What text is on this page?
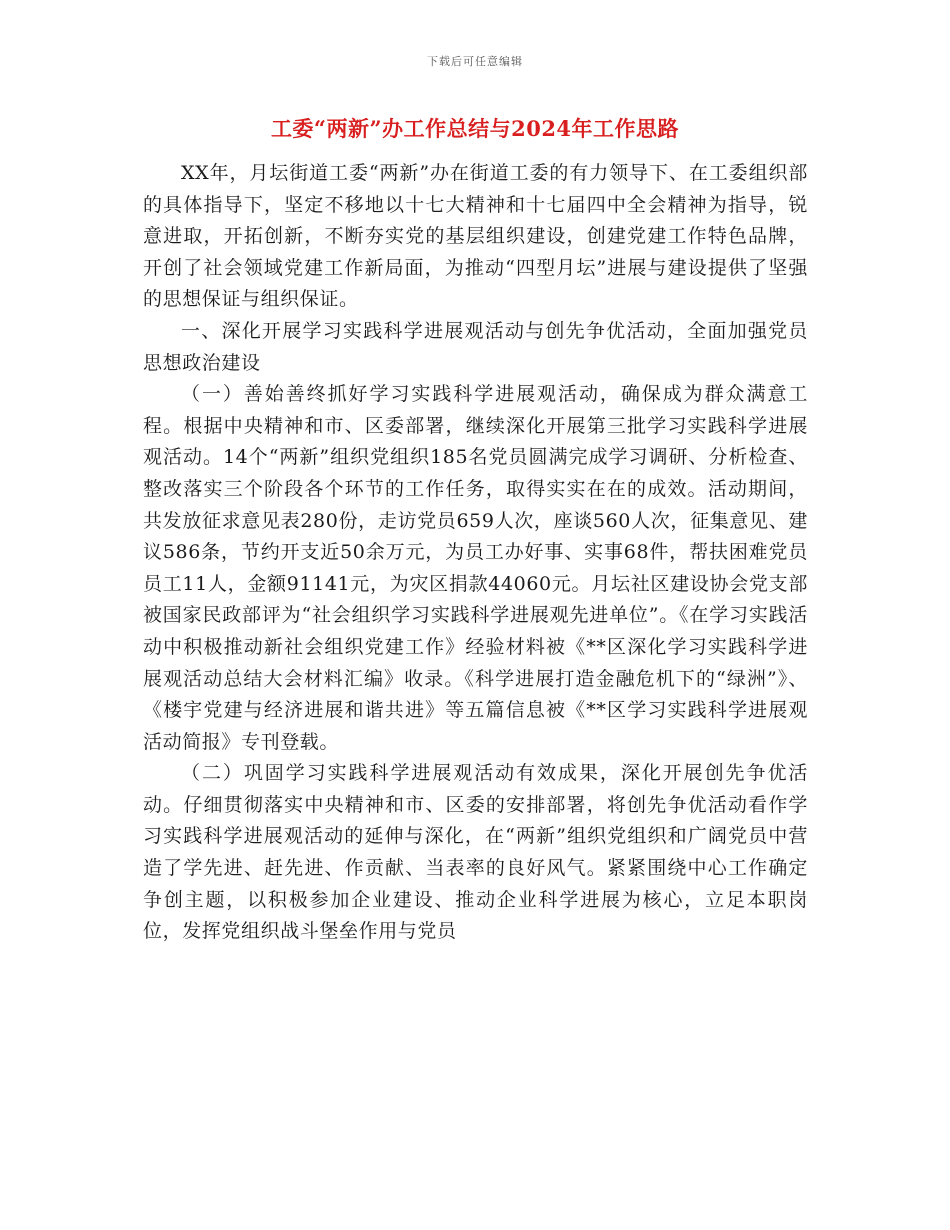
下载后可任意编辑
工委“两新”办工作总结与2024年工作思路

XX年，月坛街道工委“两新”办在街道工委的有力领导下、在工委组织部的具体指导下，坚定不移地以十七大精神和十七届四中全会精神为指导，锐意进取，开拓创新，不断夯实党的基层组织建设，创建党建工作特色品牌，开创了社会领域党建工作新局面，为推动“四型月坛”进展与建设提供了坚强的思想保证与组织保证。

一、深化开展学习实践科学进展观活动与创先争优活动，全面加强党员思想政治建设

（一）善始善终抓好学习实践科学进展观活动，确保成为群众满意工程。根据中央精神和市、区委部署，继续深化开展第三批学习实践科学进展观活动。14个“两新”组织党组织185名党员圆满完成学习调研、分析检查、整改落实三个阶段各个环节的工作任务，取得实实在在的成效。活动期间，共发放征求意见表280份，走访党员659人次，座谈560人次，征集意见、建议586条，节约开支近50余万元，为员工办好事、实事68件，帮扶困难党员员工11人，金额91141元，为灾区捐款44060元。月坛社区建设协会党支部被国家民政部评为“社会组织学习实践科学进展观先进单位”。《在学习实践活动中积极推动新社会组织党建工作》经验材料被《**区深化学习实践科学进展观活动总结大会材料汇编》收录。《科学进展打造金融危机下的“绿洲”》、《楼宇党建与经济进展和谐共进》等五篇信息被《**区学习实践科学进展观活动简报》专刊登载。

（二）巩固学习实践科学进展观活动有效成果，深化开展创先争优活动。仔细贯彻落实中央精神和市、区委的安排部署，将创先争优活动看作学习实践科学进展观活动的延伸与深化，在“两新”组织党组织和广阔党员中营造了学先进、赶先进、作贡献、当表率的良好风气。紧紧围绕中心工作确定争创主题，以积极参加企业建设、推动企业科学进展为核心，立足本职岗位，发挥党组织战斗堡垒作用与党员
